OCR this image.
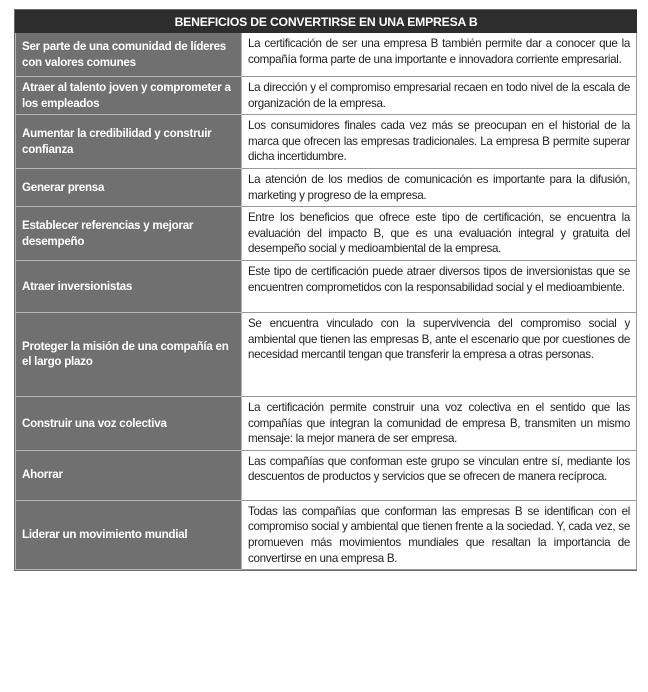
BENEFICIOS DE CONVERTIRSE EN UNA EMPRESA B	
Ser parte de una comunidad de líderes con valores comunes	La certificación de ser una empresa B también permite dar a conocer que la compañía forma parte de una importante e innovadora corriente empresarial.
Atraer al talento joven y comprometer a los empleados	La dirección y el compromiso empresarial recaen en todo nivel de la escala de organización de la empresa.
Aumentar la credibilidad y construir confianza	Los consumidores finales cada vez más se preocupan en el historial de la marca que ofrecen las empresas tradicionales. La empresa B permite superar dicha incertidumbre.
Generar prensa	La atención de los medios de comunicación es importante para la difusión, marketing y progreso de la empresa.
Establecer referencias y mejorar desempeño	Entre los beneficios que ofrece este tipo de certificación, se encuentra la evaluación del impacto B, que es una evaluación integral y gratuita del desempeño social y medioambiental de la empresa.
Atraer inversionistas	Este tipo de certificación puede atraer diversos tipos de inversionistas que se encuentren comprometidos con la responsabilidad social y el medioambiente.
Proteger la misión de una compañía en el largo plazo	Se encuentra vinculado con la supervivencia del compromiso social y ambiental que tienen las empresas B, ante el escenario que por cuestiones de necesidad mercantil tengan que transferir la empresa a otras personas.
Construir una voz colectiva	La certificación permite construir una voz colectiva en el sentido que las compañías que integran la comunidad de empresa B, transmiten un mismo mensaje: la mejor manera de ser empresa.
Ahorrar	Las compañías que conforman este grupo se vinculan entre sí, mediante los descuentos de productos y servicios que se ofrecen de manera recíproca.
Liderar un movimiento mundial	Todas las compañías que conforman las empresas B se identifican con el compromiso social y ambiental que tienen frente a la sociedad. Y, cada vez, se promueven más movimientos mundiales que resaltan la importancia de convertirse en una empresa B.
